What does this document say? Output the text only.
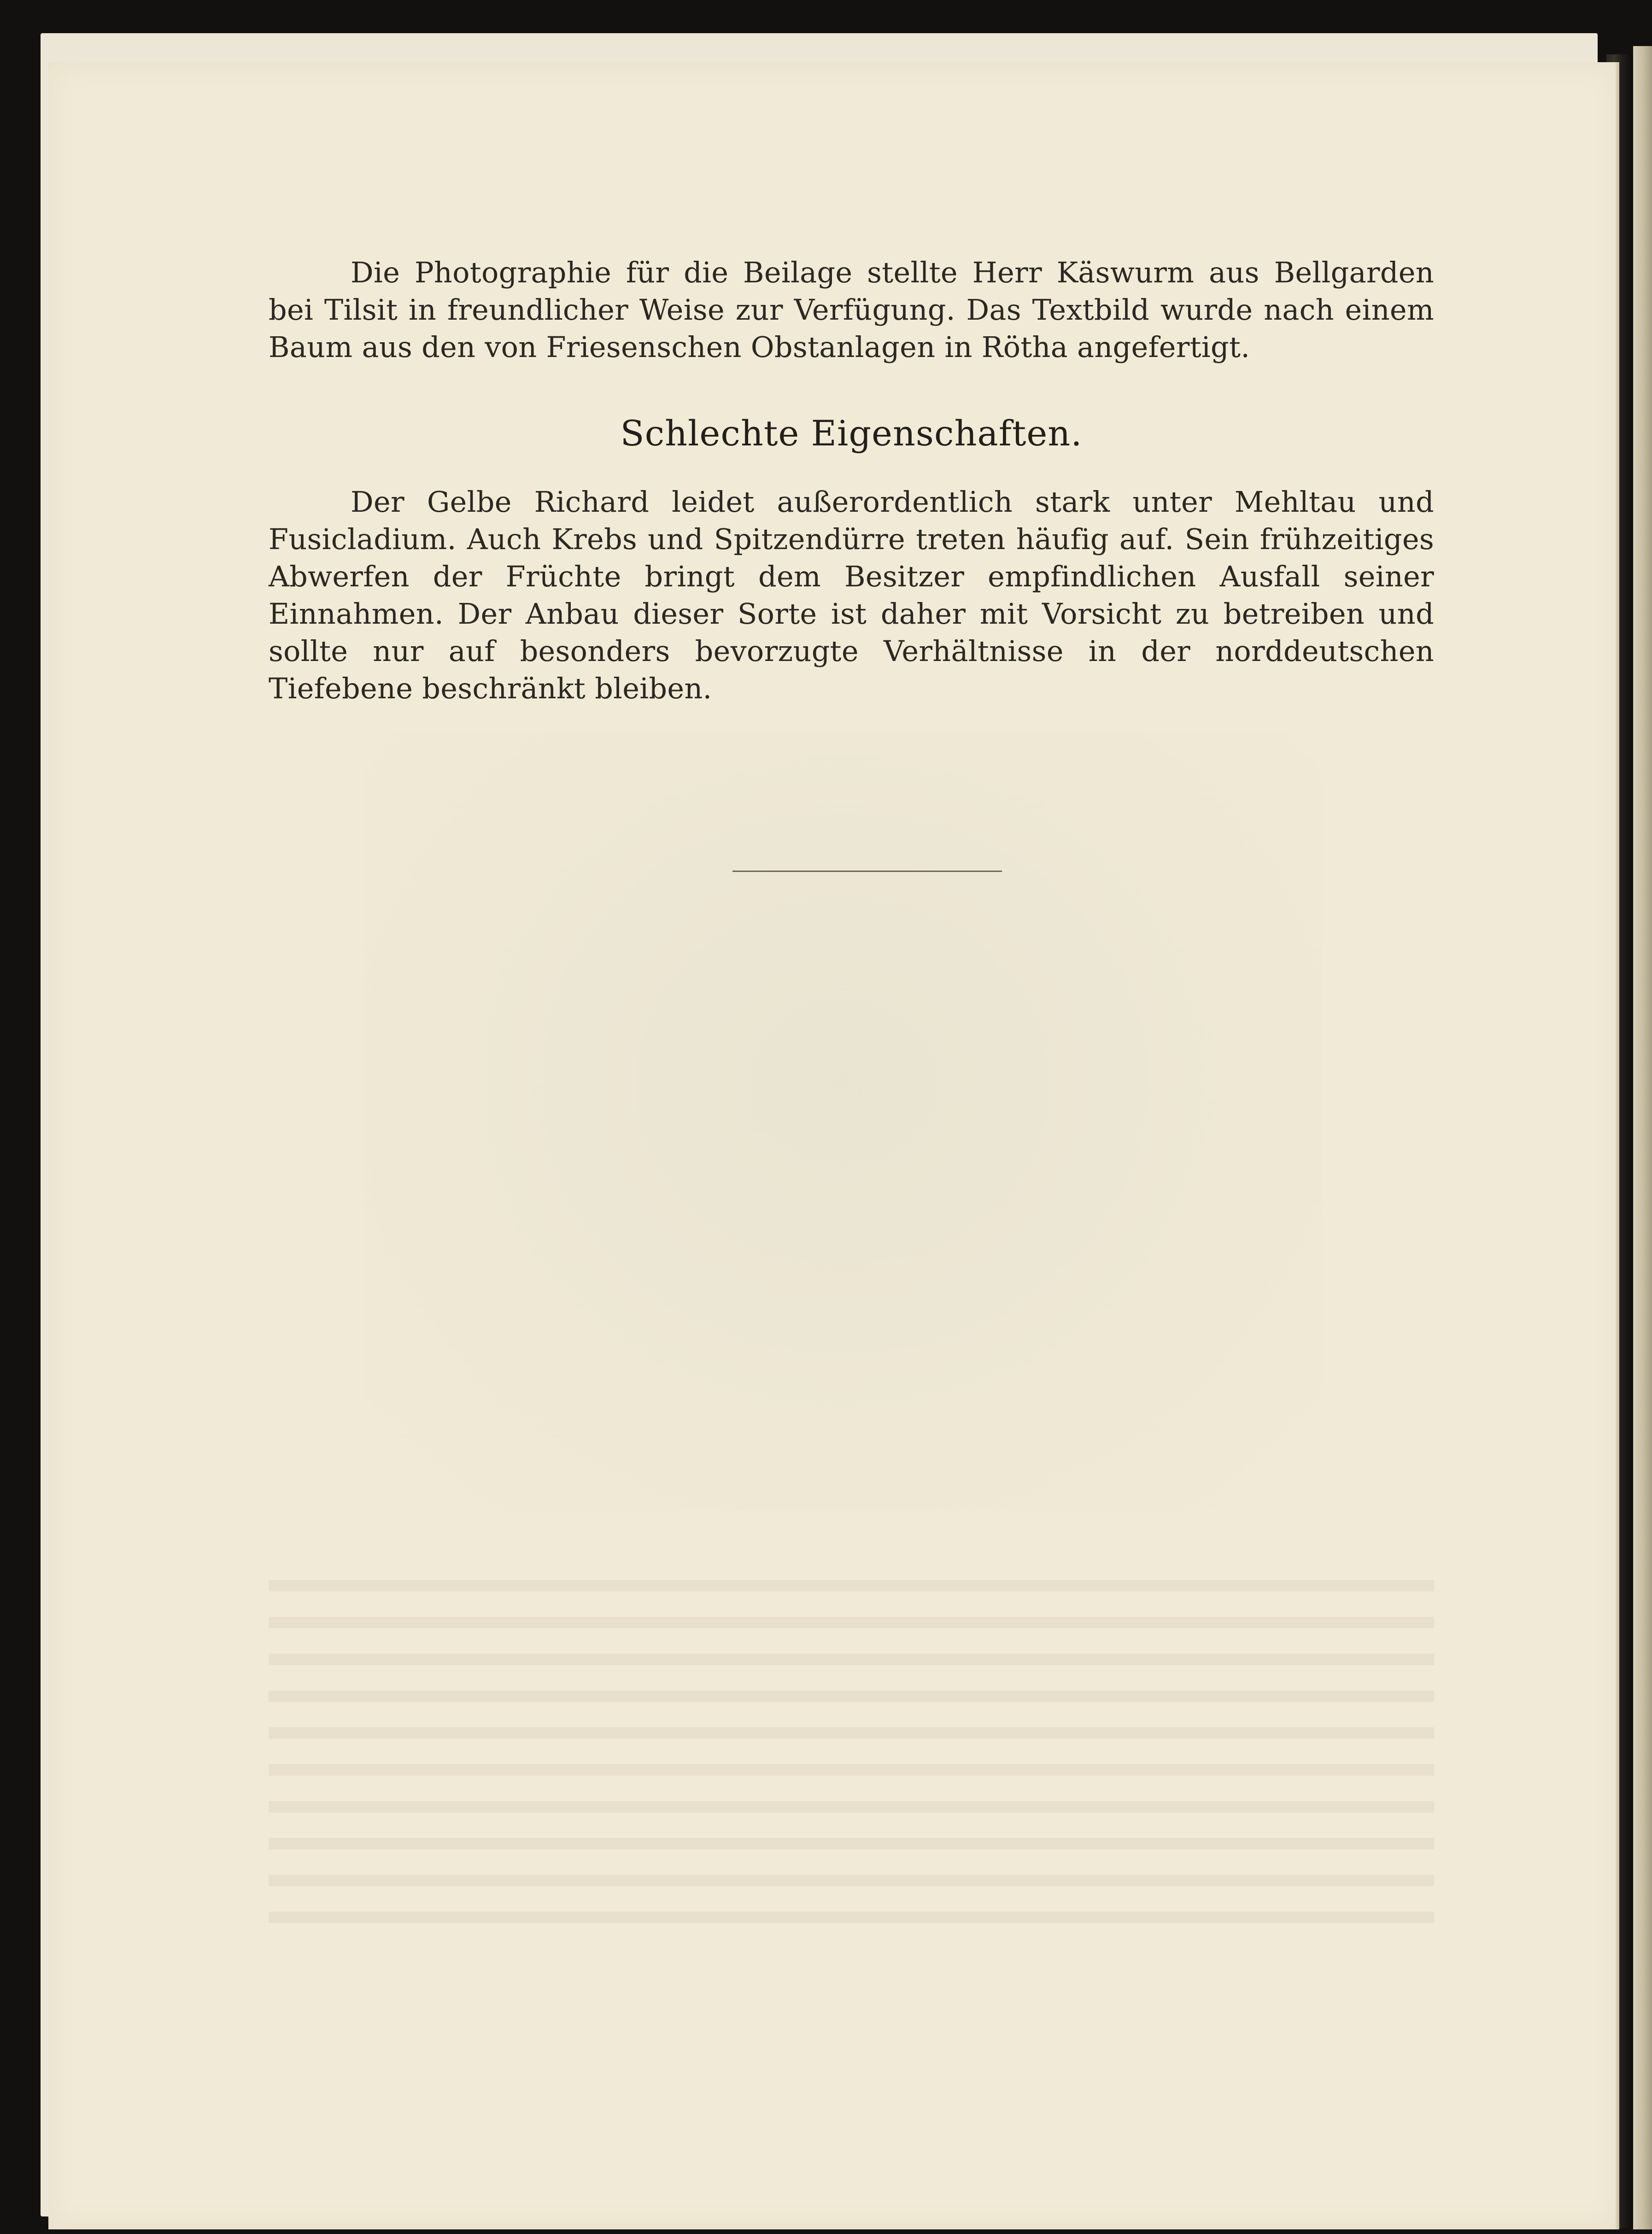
Die Photographie für die Beilage stellte Herr Käswurm aus Bellgarden bei Tilsit in freundlicher Weise zur Verfügung. Das Textbild wurde nach einem Baum aus den von Friesenschen Obstanlagen in Rötha angefertigt.

Schlechte Eigenschaften.

Der Gelbe Richard leidet außerordentlich stark unter Mehltau und Fusicladium. Auch Krebs und Spitzendürre treten häufig auf. Sein frühzeitiges Abwerfen der Früchte bringt dem Besitzer empfindlichen Ausfall seiner Einnahmen. Der Anbau dieser Sorte ist daher mit Vorsicht zu betreiben und sollte nur auf besonders bevorzugte Verhältnisse in der norddeutschen Tiefebene beschränkt bleiben.
